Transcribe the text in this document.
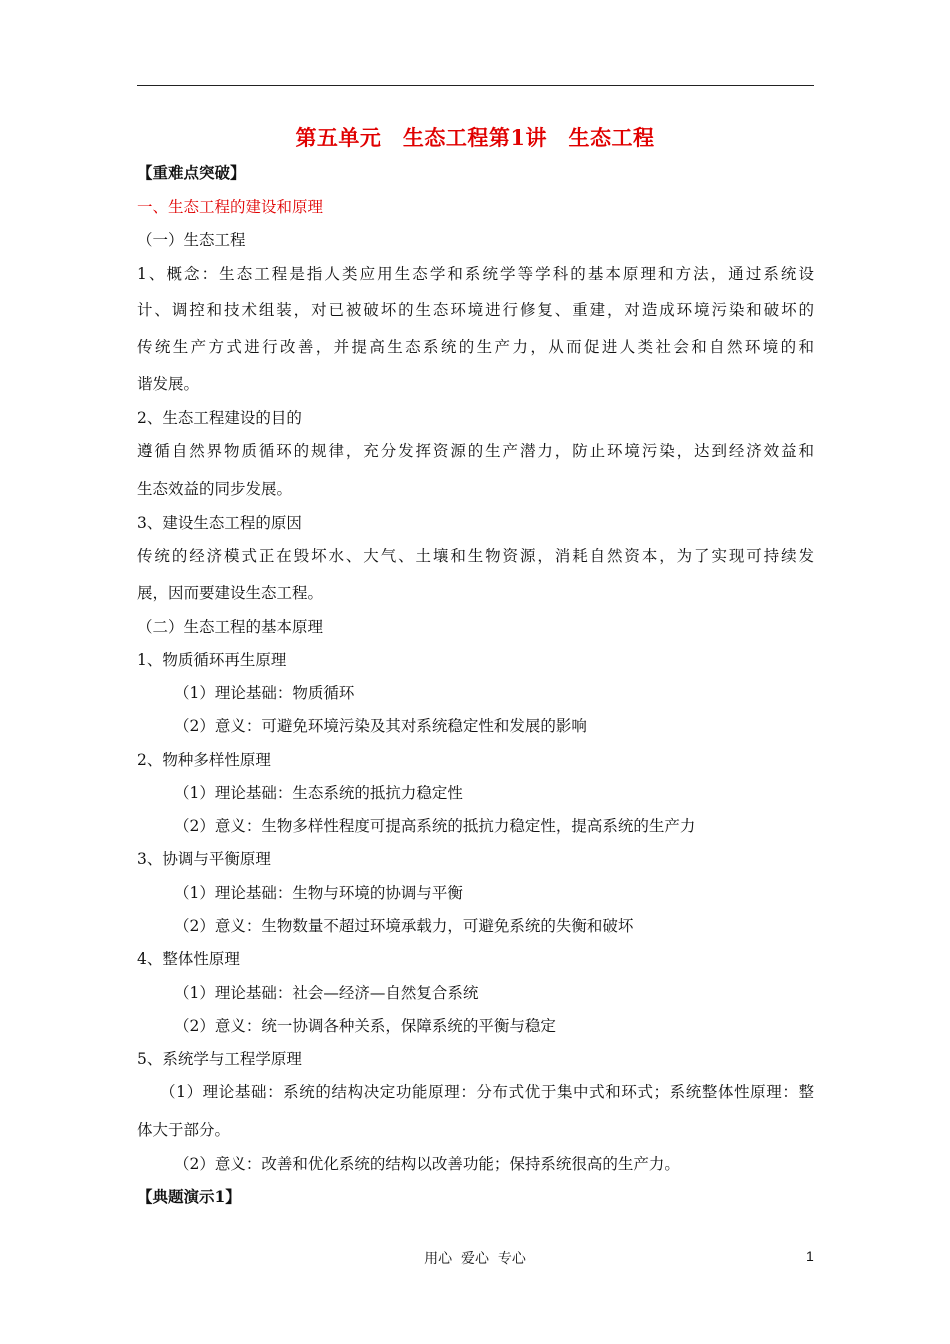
第五单元　生态工程第1讲　生态工程
【重难点突破】
一、生态工程的建设和原理
（一）生态工程
1、概念：生态工程是指人类应用生态学和系统学等学科的基本原理和方法，通过系统设
计、调控和技术组装，对已被破坏的生态环境进行修复、重建，对造成环境污染和破坏的
传统生产方式进行改善，并提高生态系统的生产力，从而促进人类社会和自然环境的和
谐发展。
2、生态工程建设的目的
遵循自然界物质循环的规律，充分发挥资源的生产潜力，防止环境污染，达到经济效益和
生态效益的同步发展。
3、建设生态工程的原因
传统的经济模式正在毁坏水、大气、土壤和生物资源，消耗自然资本，为了实现可持续发
展，因而要建设生态工程。
（二）生态工程的基本原理
1、物质循环再生原理
（1）理论基础：物质循环
（2）意义：可避免环境污染及其对系统稳定性和发展的影响
2、物种多样性原理
（1）理论基础：生态系统的抵抗力稳定性
（2）意义：生物多样性程度可提高系统的抵抗力稳定性，提高系统的生产力
3、协调与平衡原理
（1）理论基础：生物与环境的协调与平衡
（2）意义：生物数量不超过环境承载力，可避免系统的失衡和破坏
4、整体性原理
（1）理论基础：社会—经济—自然复合系统
（2）意义：统一协调各种关系，保障系统的平衡与稳定
5、系统学与工程学原理
（1）理论基础：系统的结构决定功能原理：分布式优于集中式和环式；系统整体性原理：整
体大于部分。
（2）意义：改善和优化系统的结构以改善功能；保持系统很高的生产力。
【典题演示1】
用心  爱心  专心	1
